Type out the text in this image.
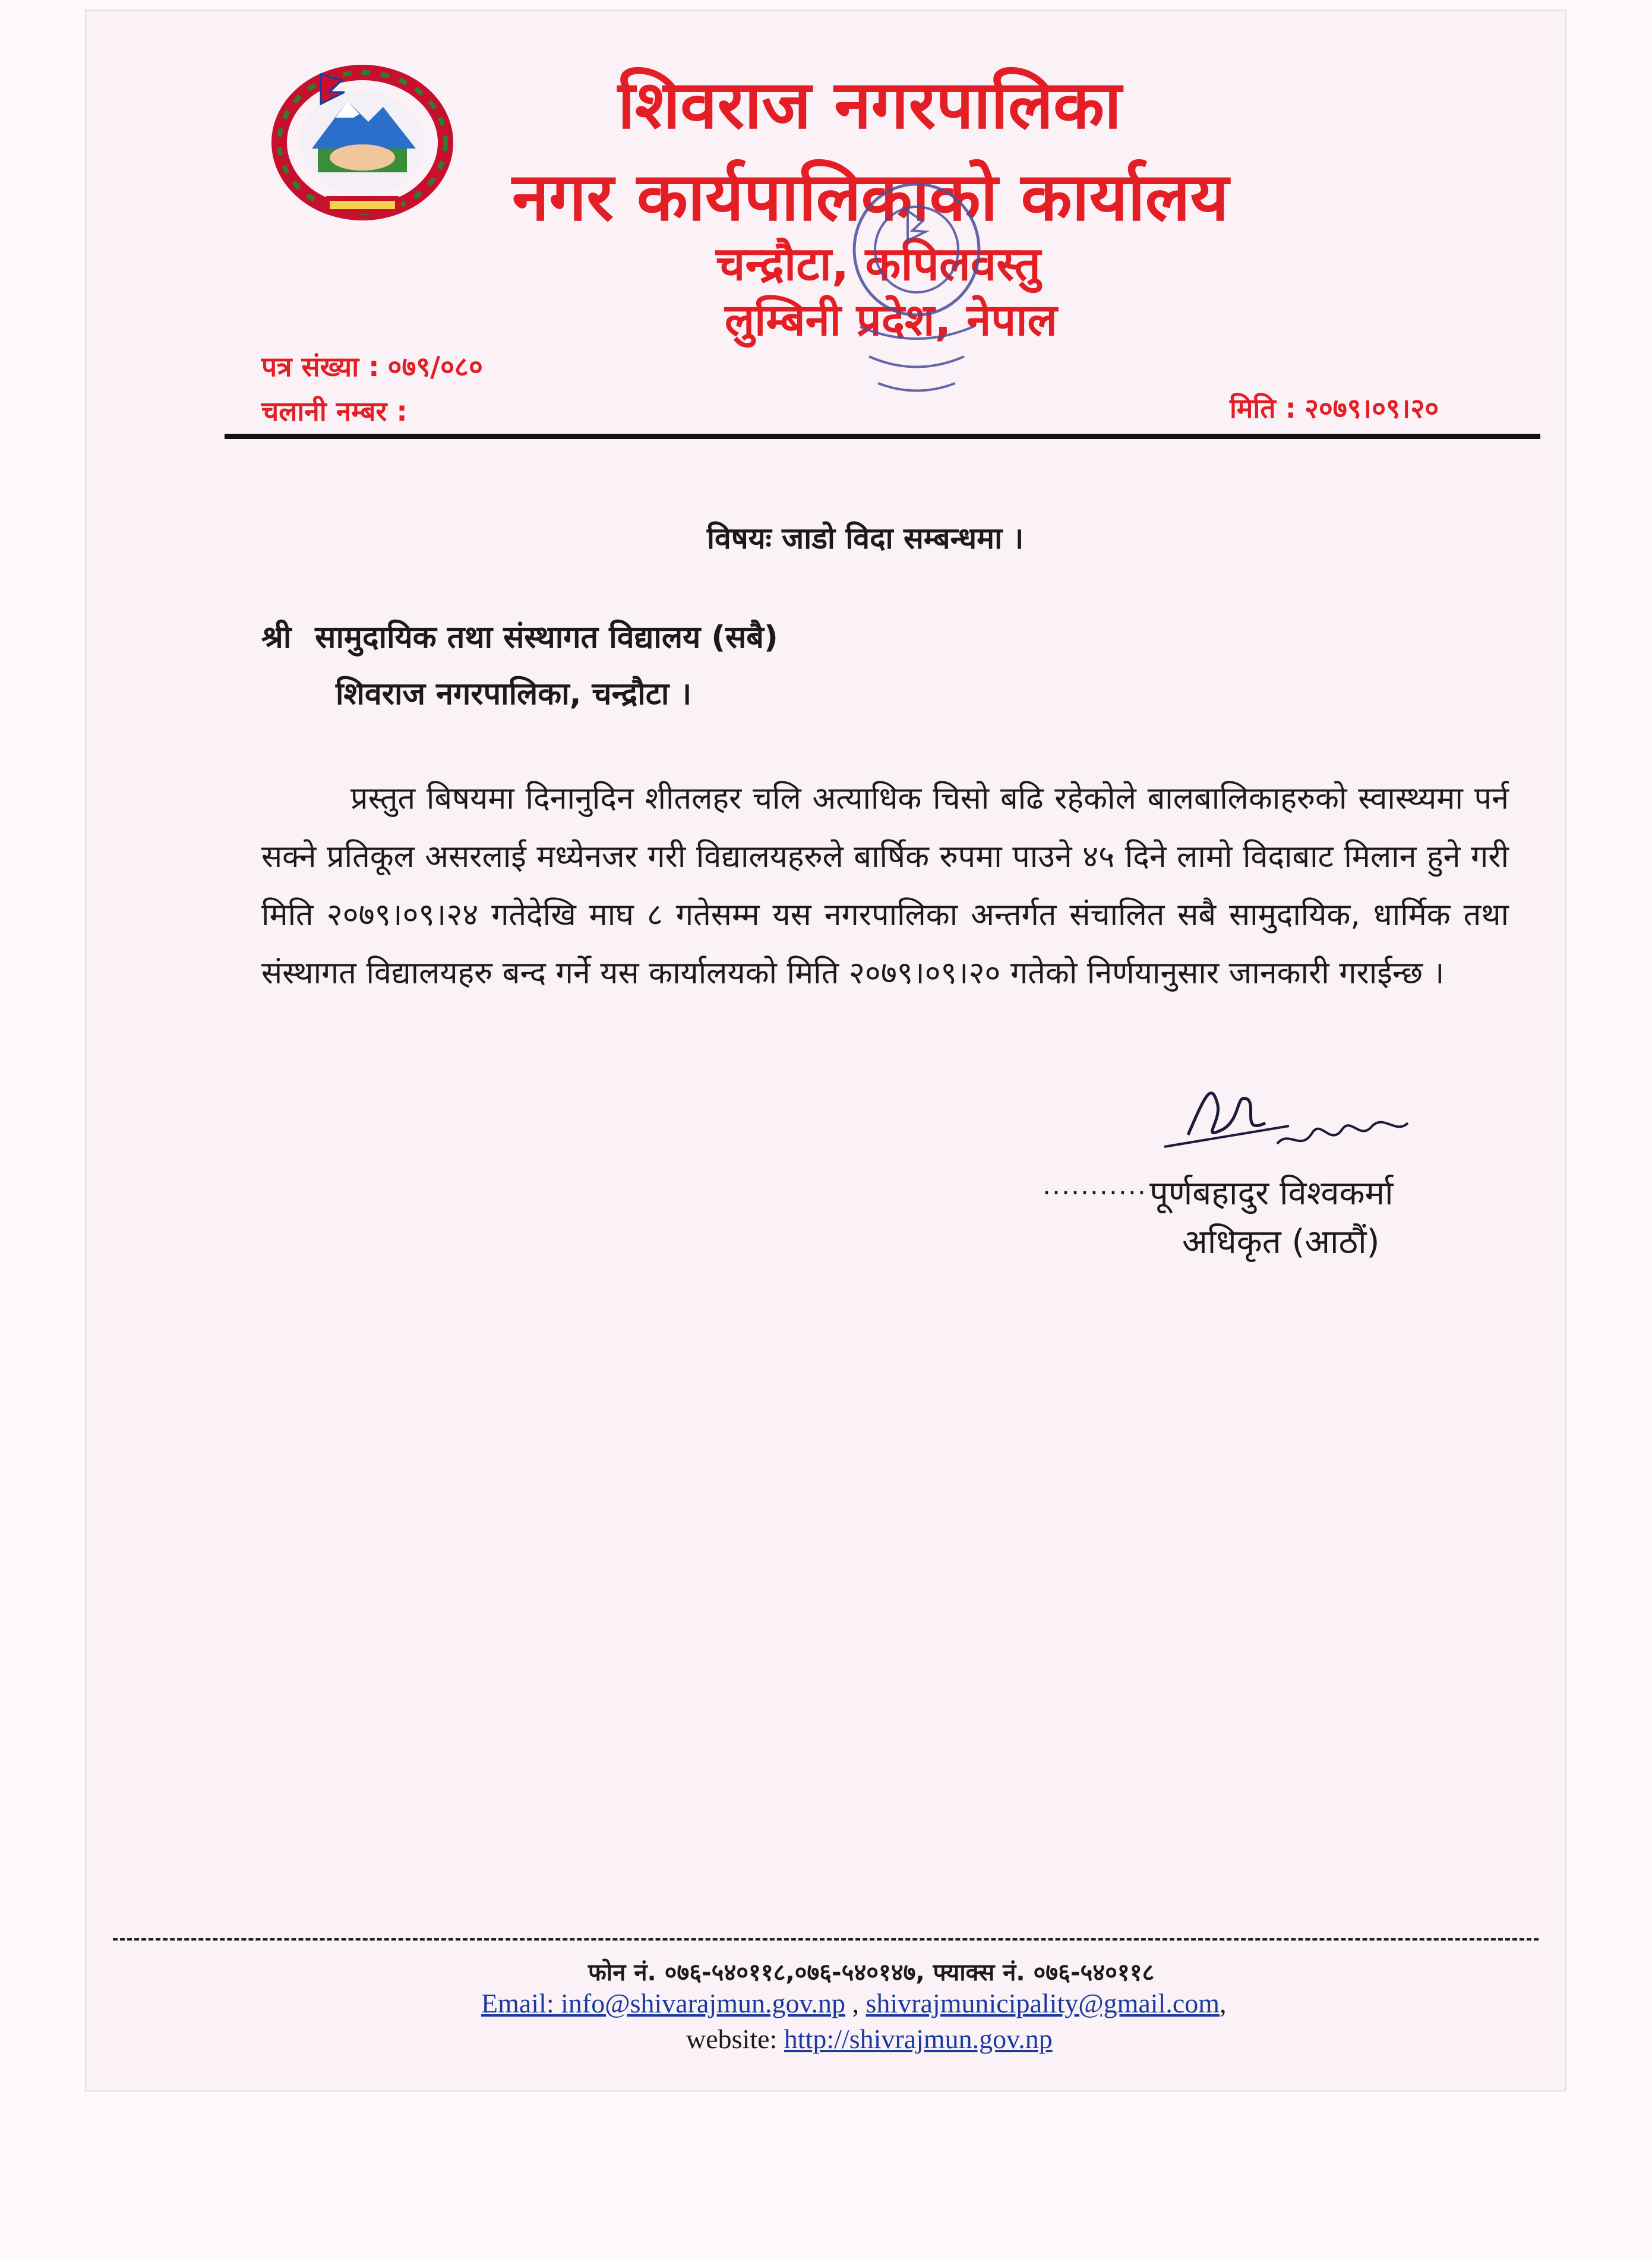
शिवराज नगरपालिका
नगर कार्यपालिकाको कार्यालय
चन्द्रौटा, कपिलवस्तु
लुम्बिनी प्रदेश, नेपाल
पत्र संख्या : ०७९/०८०
चलानी नम्बर :	मिति : २०७९।०९।२०
विषयः जाडो विदा सम्बन्धमा ।
श्री सामुदायिक तथा संस्थागत विद्यालय (सबै)
शिवराज नगरपालिका, चन्द्रौटा ।
प्रस्तुत बिषयमा दिनानुदिन शीतलहर चलि अत्याधिक चिसो बढि रहेकोले बालबालिकाहरुको स्वास्थ्यमा पर्न सक्ने प्रतिकूल असरलाई मध्येनजर गरी विद्यालयहरुले बार्षिक रुपमा पाउने ४५ दिने लामो विदाबाट मिलान हुने गरी मिति २०७९।०९।२४ गतेदेखि माघ ८ गतेसम्म यस नगरपालिका अन्तर्गत संचालित सबै सामुदायिक, धार्मिक तथा संस्थागत विद्यालयहरु बन्द गर्ने यस कार्यालयको मिति २०७९।०९।२० गतेको निर्णयानुसार जानकारी गराईन्छ ।
........... पूर्णबहादुर विश्वकर्मा
अधिकृत (आठौं)
फोन नं. ०७६-५४०११८,०७६-५४०१४७, फ्याक्स नं. ०७६-५४०११८
Email: info@shivarajmun.gov.np , shivrajmunicipality@gmail.com,
website: http://shivrajmun.gov.np
